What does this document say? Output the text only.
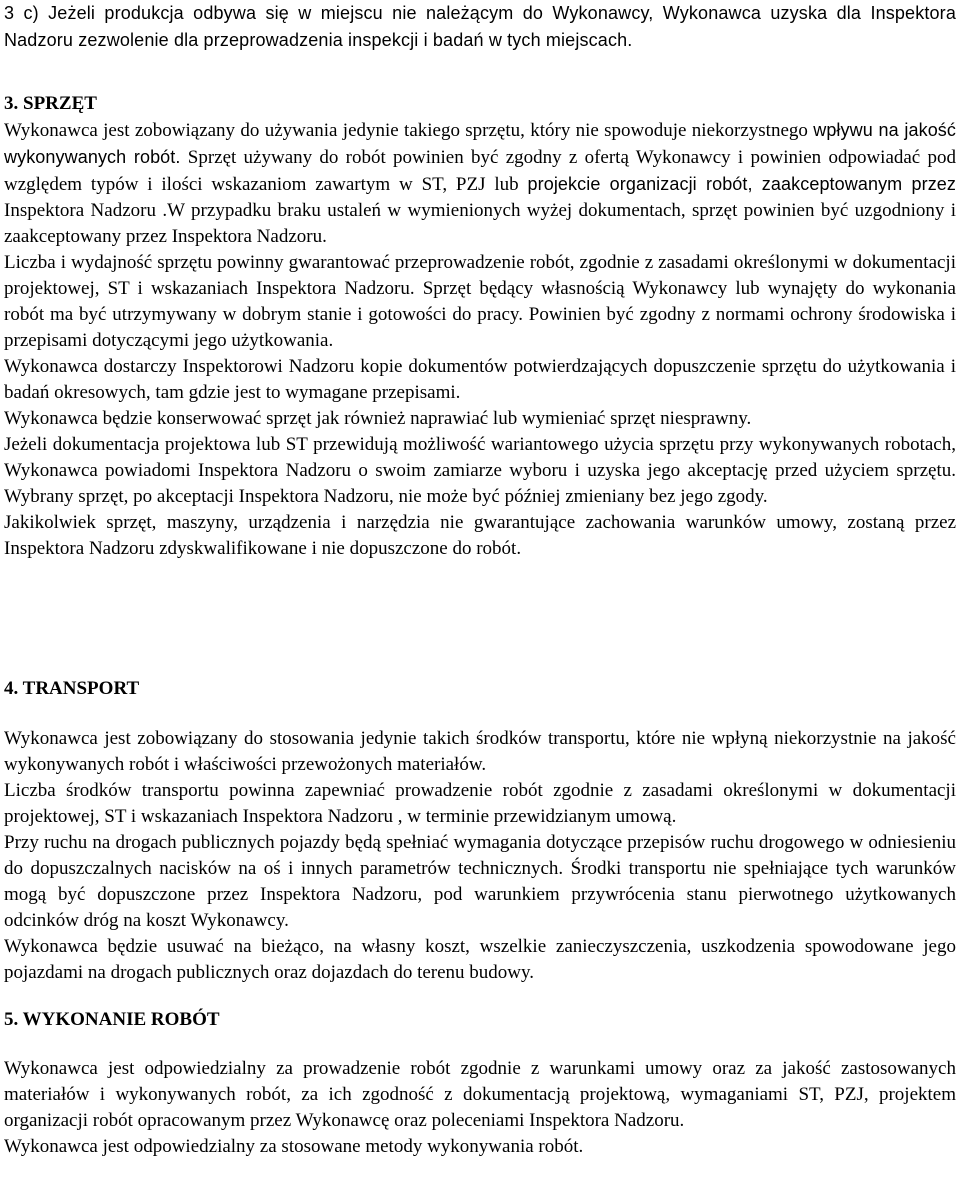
3 c) Jeżeli produkcja odbywa się w miejscu nie należącym do Wykonawcy, Wykonawca uzyska dla Inspektora Nadzoru zezwolenie dla przeprowadzenia inspekcji i badań w tych miejscach.

3. SPRZĘT

Wykonawca jest zobowiązany do używania jedynie takiego sprzętu, który nie spowoduje niekorzystnego wpływu na jakość wykonywanych robót. Sprzęt używany do robót powinien być zgodny z ofertą Wykonawcy i powinien odpowiadać pod względem typów i ilości wskazaniom zawartym w ST, PZJ lub projekcie organizacji robót, zaakceptowanym przez Inspektora Nadzoru .W przypadku braku ustaleń w wymienionych wyżej dokumentach, sprzęt powinien być uzgodniony i zaakceptowany przez Inspektora Nadzoru.

Liczba i wydajność sprzętu powinny gwarantować przeprowadzenie robót, zgodnie z zasadami określonymi w dokumentacji projektowej, ST i wskazaniach Inspektora Nadzoru. Sprzęt będący własnością Wykonawcy lub wynajęty do wykonania robót ma być utrzymywany w dobrym stanie i gotowości do pracy. Powinien być zgodny z normami ochrony środowiska i przepisami dotyczącymi jego użytkowania.

Wykonawca dostarczy Inspektorowi Nadzoru kopie dokumentów potwierdzających dopuszczenie sprzętu do użytkowania i badań okresowych, tam gdzie jest to wymagane przepisami.

Wykonawca będzie konserwować sprzęt jak również naprawiać lub wymieniać sprzęt niesprawny.

Jeżeli dokumentacja projektowa lub ST przewidują możliwość wariantowego użycia sprzętu przy wykonywanych robotach, Wykonawca powiadomi Inspektora Nadzoru o swoim zamiarze wyboru i uzyska jego akceptację przed użyciem sprzętu. Wybrany sprzęt, po akceptacji Inspektora Nadzoru, nie może być później zmieniany bez jego zgody.

Jakikolwiek sprzęt, maszyny, urządzenia i narzędzia nie gwarantujące zachowania warunków umowy, zostaną przez Inspektora Nadzoru zdyskwalifikowane i nie dopuszczone do robót.

4. TRANSPORT

Wykonawca jest zobowiązany do stosowania jedynie takich środków transportu, które nie wpłyną niekorzystnie na jakość wykonywanych robót i właściwości przewożonych materiałów.

Liczba środków transportu powinna zapewniać prowadzenie robót zgodnie z zasadami określonymi w dokumentacji projektowej, ST i wskazaniach Inspektora Nadzoru , w terminie przewidzianym umową.

Przy ruchu na drogach publicznych pojazdy będą spełniać wymagania dotyczące przepisów ruchu drogowego w odniesieniu do dopuszczalnych nacisków na oś i innych parametrów technicznych. Środki transportu nie spełniające tych warunków mogą być dopuszczone przez Inspektora Nadzoru, pod warunkiem przywrócenia stanu pierwotnego użytkowanych odcinków dróg na koszt Wykonawcy.

Wykonawca będzie usuwać na bieżąco, na własny koszt, wszelkie zanieczyszczenia, uszkodzenia spowodowane jego pojazdami na drogach publicznych oraz dojazdach do terenu budowy.

5. WYKONANIE ROBÓT

Wykonawca jest odpowiedzialny za prowadzenie robót zgodnie z warunkami umowy oraz za jakość zastosowanych materiałów i wykonywanych robót, za ich zgodność z dokumentacją projektową, wymaganiami ST, PZJ, projektem organizacji robót opracowanym przez Wykonawcę oraz poleceniami Inspektora Nadzoru.

Wykonawca jest odpowiedzialny za stosowane metody wykonywania robót.
